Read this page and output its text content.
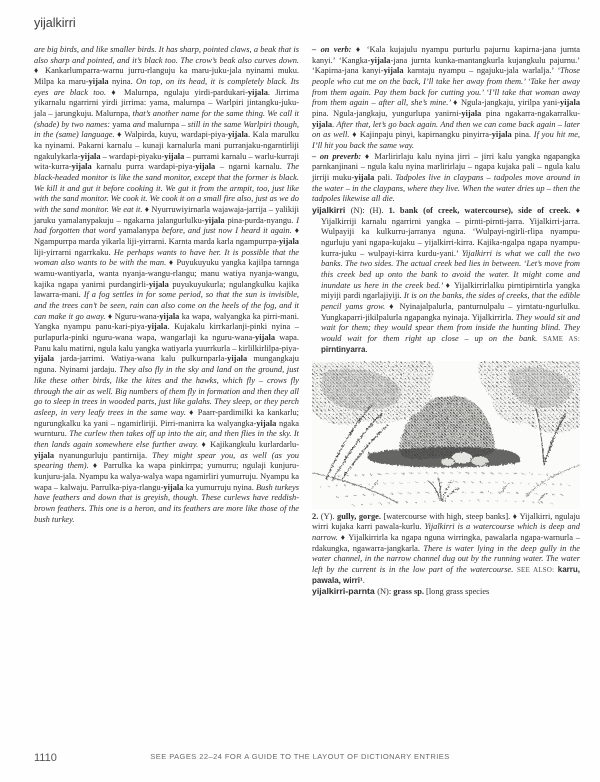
yijalkirri

are big birds, and like smaller birds. It has sharp, pointed claws, a beak that is also sharp and pointed, and it’s black too. The crow’s beak also curves down. ♦ Kankarlumparra-warnu jurru-rlanguju ka maru-juku-jala nyinami muku. Milpa ka maru-yijala nyina. On top, on its head, it is completely black. Its eyes are black too. ♦ Malurnpa, ngulaju yirdi-pardukari-yijala. Jirrima yikarnalu ngarrirni yirdi jirrima: yama, malurnpa – Warlpiri jintangku-juku-jala – jarungkuju. Malurnpa, that’s another name for the same thing. We call it (shade) by two names: yama and malurnpa – still in the same Warlpiri though, in the (same) language. ♦ Walpirda, kuyu, wardapi-piya-yijala. Kala marulku ka nyinami. Pakarni karnalu – kunaji karnalurla mani purranjaku-ngarntirliji ngakulykarla-yijala – wardapi-piyaku-yijala – purrami karnalu – warlu-kurraji wita-kurra-yijala karnalu purra wardapi-piya-yijala – ngarni karnalu. The black-headed monitor is like the sand monitor, except that the former is black. We kill it and gut it before cooking it. We gut it from the armpit, too, just like with the sand monitor. We cook it. We cook it on a small fire also, just as we do with the sand monitor. We eat it. ♦ Nyurruwiyirnarla wajawaja-jarrija – yalikiji jaruku yamalanypakuju – ngakarna jalangurlulku-yijala pina-purda-nyangu. I had forgotten that word yamalanypa before, and just now I heard it again. ♦ Ngampurrpa marda yikarla liji-yirrarni. Karnta marda karla ngampurrpa-yijala liji-yirrarni ngarrkaku. He perhaps wants to have her. It is possible that the woman also wants to be with the man. ♦ Puyukuyuku yangka kajilpa tarnnga wamu-wantiyarla, wanta nyanja-wangu-rlangu; manu watiya nyanja-wangu, kajika ngapa yanirni purdangirli-yijala puyukuyukurla; ngulangkulku kajika lawarra-mani. If a fog settles in for some period, so that the sun is invisible, and the trees can’t be seen, rain can also come on the heels of the fog, and it can make it go away. ♦ Nguru-wana-yijala ka wapa, walyangka ka pirri-mani. Yangka nyampu panu-kari-piya-yijala. Kujakalu kirrkarlanji-pinki nyina – purlapurla-pinki nguru-wana wapa, wangarlaji ka nguru-wana-yijala wapa. Panu kalu matirni, ngula kalu yangka watiyarla yuurrkurla – kirlilkirlilpa-piya-yijala jarda-jarrimi. Watiya-wana kalu pulkurnparla-yijala mungangkaju nguna. Nyinami jardaju. They also fly in the sky and land on the ground, just like these other birds, like the kites and the hawks, which fly – crows fly through the air as well. Big numbers of them fly in formation and then they all go to sleep in trees in wooded parts, just like galahs. They sleep, or they perch asleep, in very leafy trees in the same way. ♦ Paarr-pardimilki ka kankarlu; ngurungkalku ka yani – ngamirliriji. Pirri-manirra ka walyangka-yijala ngaka wurnturu. The curlew then takes off up into the air, and then flies in the sky. It then lands again somewhere else further away. ♦ Kajikangkulu kurlardarlu-yijala nyanungurluju pantirnija. They might spear you, as well (as you spearing them). ♦ Parrulka ka wapa pinkirrpa; yumurru; ngulaji kunjuru-kunjuru-jala. Nyampu ka walya-walya wapa ngamirliri yumurruju. Nyampu ka wapa – kalwaju. Parrulka-piya-rlangu-yijala ka yumurruju nyina. Bush turkeys have feathers and down that is greyish, though. These curlews have reddish-brown feathers. This one is a heron, and its feathers are more like those of the bush turkey.

– on verb: ♦ ‘Kala kujajulu nyampu purturlu pajurnu kapirna-jana jurnta kanyi.’ ‘Kangka-yijala-jana jurnta kunka-mantangkurla kujangkulu pajurnu.’ ‘Kapirna-jana kanyi-yijala karntaju nyampu – ngajuku-jala warlalja.’ ‘Those people who cut me on the back, I’ll take her away from them.’ ‘Take her away from them again. Pay them back for cutting you.’ ‘I’ll take that woman away from them again – after all, she’s mine.’ ♦ Ngula-jangkaju, yirilpa yani-yijala pina. Ngula-jangkaju, yungurlupa yanirni-yijala pina ngakarra-ngakarralku-yijala. After that, let’s go back again. And then we can come back again – later on as well. ♦ Kajinpaju pinyi, kapirnangku pinyirra-yijala pina. If you hit me, I’ll hit you back the same way.

– on preverb: ♦ Marlirirlaju kalu nyina jirri – jirri kalu yangka ngapangka parnkanjinani – ngula kalu nyina marlirirlaju – ngapa kujaka pali – ngula kalu jirriji muku-yijala pali. Tadpoles live in claypans – tadpoles move around in the water – in the claypans, where they live. When the water dries up – then the tadpoles likewise all die.

yijalkirri (N): (H). 1. bank (of creek, watercourse), side of creek. ♦ Yijalkirriji karnalu ngarrirni yangka – pirnti-pirnti-jarra. Yijalkirri-jarra. Wulpayiji ka kulkurru-jarranya nguna. ‘Wulpayi-ngirli-rlipa nyampu-ngurluju yani ngapa-kujaku – yijalkirri-kirra. Kajika-ngalpa ngapa nyampu-kurra-juku – wulpayi-kirra kurdu-yani.’ Yijalkirri is what we call the two banks. The two sides. The actual creek bed lies in between. ‘Let’s move from this creek bed up onto the bank to avoid the water. It might come and inundate us here in the creek bed.’ ♦ Yijalkirrirlalku pirntipirntirla yangka miyiji pardi ngarlajiyiji. It is on the banks, the sides of creeks, that the edible pencil yams grow. ♦ Nyinajalpalurla, panturnulpalu – yirntatu-ngurlulku. Yungkaparri-jikilpalurla ngapangka nyinaja. Yijalkirrirla. They would sit and wait for them; they would spear them from inside the hunting blind. They would wait for them right up close – up on the bank. SAME AS: pirntinyarra.

2. (Y). gully, gorge. [watercourse with high, steep banks]. ♦ Yijalkirri, ngulaju wirri kujaka karri pawala-kurlu. Yijalkirri is a watercourse which is deep and narrow. ♦ Yijalkirrirla ka ngapa nguna wirringka, pawalarla ngapa-warnurla – rdakungka, ngawarra-jangkarla. There is water lying in the deep gully in the water channel, in the narrow channel dug out by the running water. The water left by the current is in the low part of the watercourse. SEE ALSO: karru, pawala, wirri¹.

yijalkirri-parnta (N): grass sp. [long grass species

1110	SEE PAGES 22–24 FOR A GUIDE TO THE LAYOUT OF DICTIONARY ENTRIES
